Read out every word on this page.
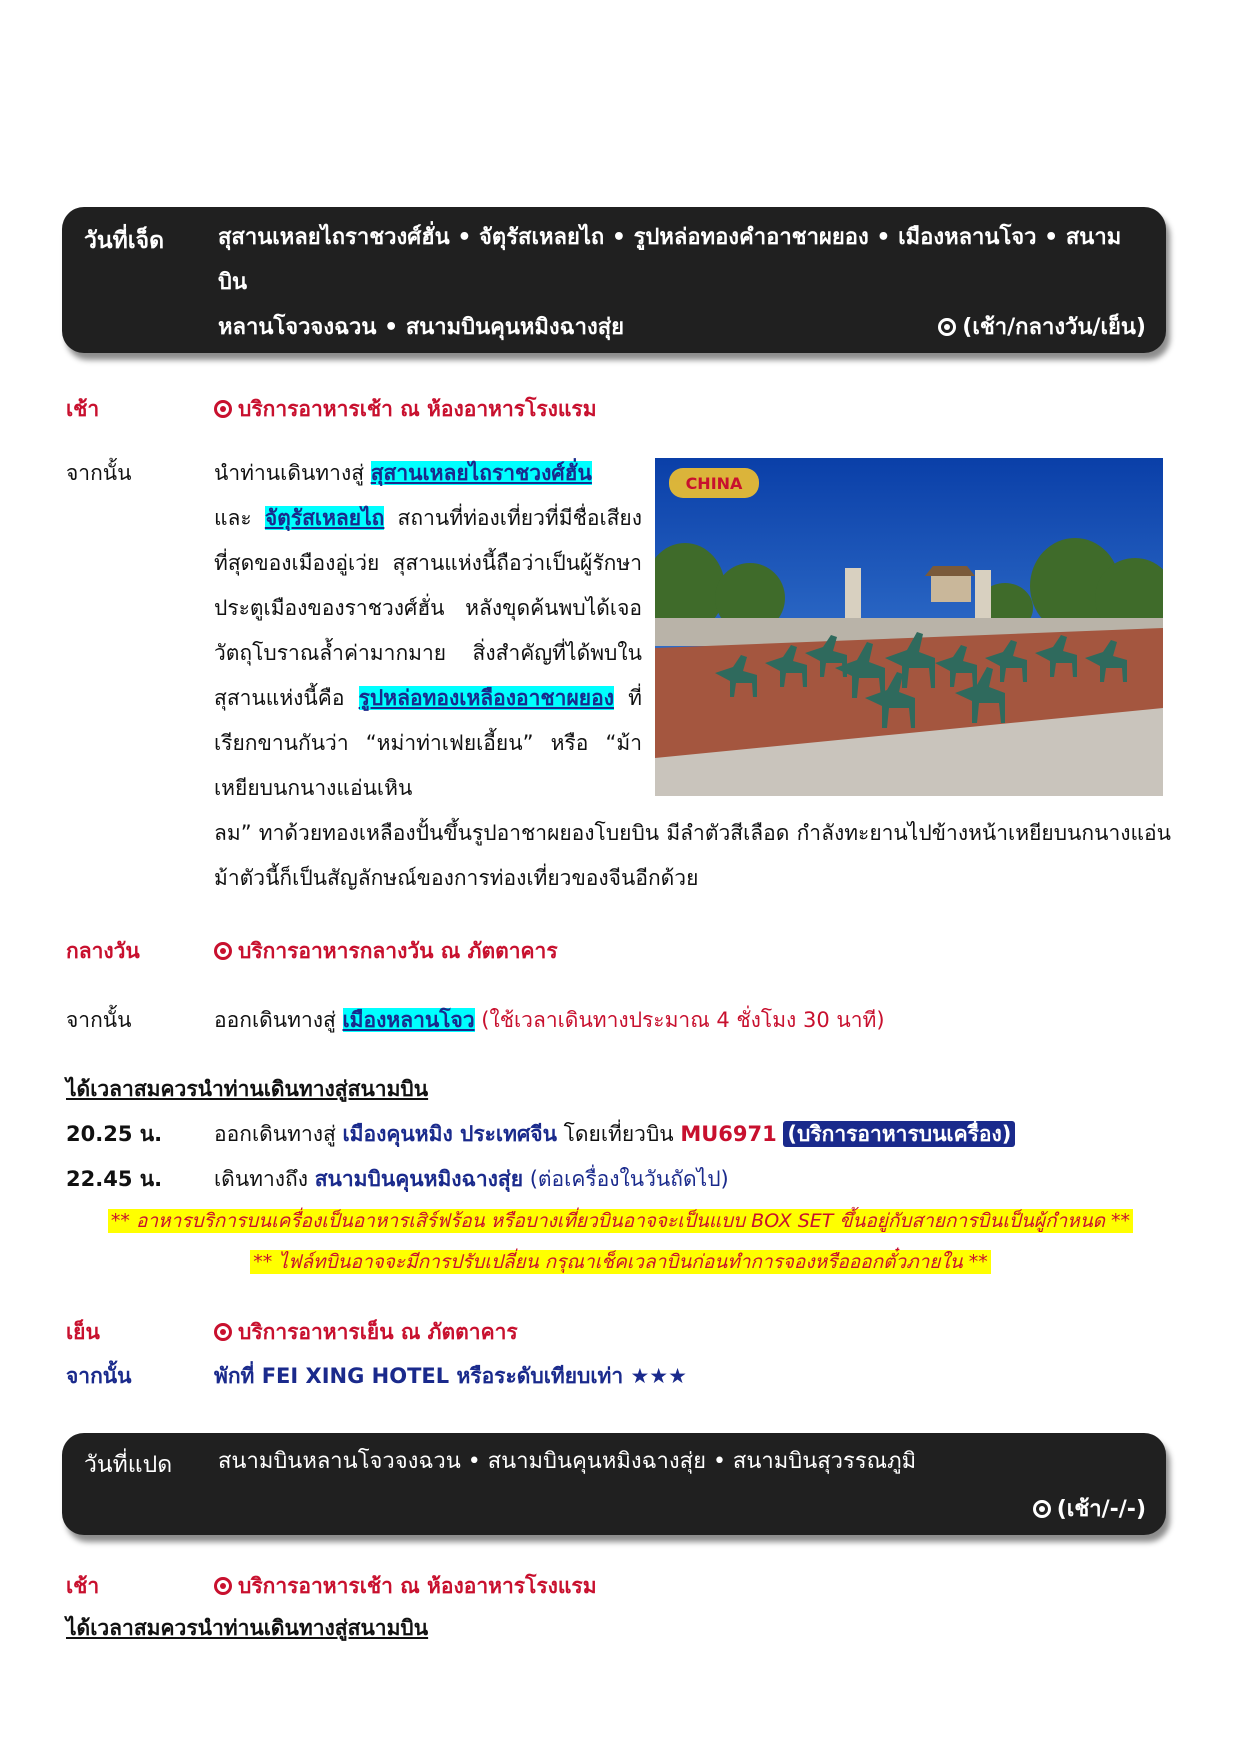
วันที่เจ็ด สุสานเหลยไถราชวงศ์ฮั่น • จัตุรัสเหลยไถ • รูปหล่อทองคำอาชาผยอง • เมืองหลานโจว • สนามบิน
หลานโจวจงฉวน • สนามบินคุนหมิงฉางสุ่ย	(เช้า/กลางวัน/เย็น)
เช้า	บริการอาหารเช้า ณ ห้องอาหารโรงแรม
จากนั้น	นำท่านเดินทางสู่ สุสานเหลยไถราชวงศ์ฮั่น
และ จัตุรัสเหลยไถ สถานที่ท่องเที่ยวที่มีชื่อเสียงที่สุดของเมืองอู่เว่ย สุสานแห่งนี้ถือว่าเป็นผู้รักษาประตูเมืองของราชวงศ์ฮั่น หลังขุดค้นพบได้เจอวัตถุโบราณล้ำค่ามากมาย สิ่งสำคัญที่ได้พบในสุสานแห่งนี้คือ รูปหล่อทองเหลืองอาชาผยอง ที่เรียกขานกันว่า “หม่าท่าเฟยเอี้ยน” หรือ “ม้าเหยียบนกนางแอ่นเหิน
ลม” ทาด้วยทองเหลืองปั้นขึ้นรูปอาชาผยองโบยบิน มีลำตัวสีเลือด กำลังทะยานไปข้างหน้าเหยียบนกนางแอ่น ม้าตัวนี้ก็เป็นสัญลักษณ์ของการท่องเที่ยวของจีนอีกด้วย
CHINA
กลางวัน	บริการอาหารกลางวัน ณ ภัตตาคาร
จากนั้น	ออกเดินทางสู่ เมืองหลานโจว (ใช้เวลาเดินทางประมาณ 4 ชั่งโมง 30 นาที)
ได้เวลาสมควรนำท่านเดินทางสู่สนามบิน
20.25 น. ออกเดินทางสู่ เมืองคุนหมิง ประเทศจีน โดยเที่ยวบิน MU6971 (บริการอาหารบนเครื่อง)
22.45 น. เดินทางถึง สนามบินคุนหมิงฉางสุ่ย (ต่อเครื่องในวันถัดไป)
** อาหารบริการบนเครื่องเป็นอาหารเสิร์ฟร้อน หรือบางเที่ยวบินอาจจะเป็นแบบ BOX SET ขึ้นอยู่กับสายการบินเป็นผู้กำหนด **
** ไฟล์ทบินอาจจะมีการปรับเปลี่ยน กรุณาเช็คเวลาบินก่อนทำการจองหรือออกตั๋วภายใน **
เย็น	บริการอาหารเย็น ณ ภัตตาคาร
จากนั้น	พักที่ FEI XING HOTEL หรือระดับเทียบเท่า ★★★
วันที่แปด สนามบินหลานโจวจงฉวน • สนามบินคุนหมิงฉางสุ่ย • สนามบินสุวรรณภูมิ
(เช้า/-/-)
เช้า	บริการอาหารเช้า ณ ห้องอาหารโรงแรม
ได้เวลาสมควรนำท่านเดินทางสู่สนามบิน
